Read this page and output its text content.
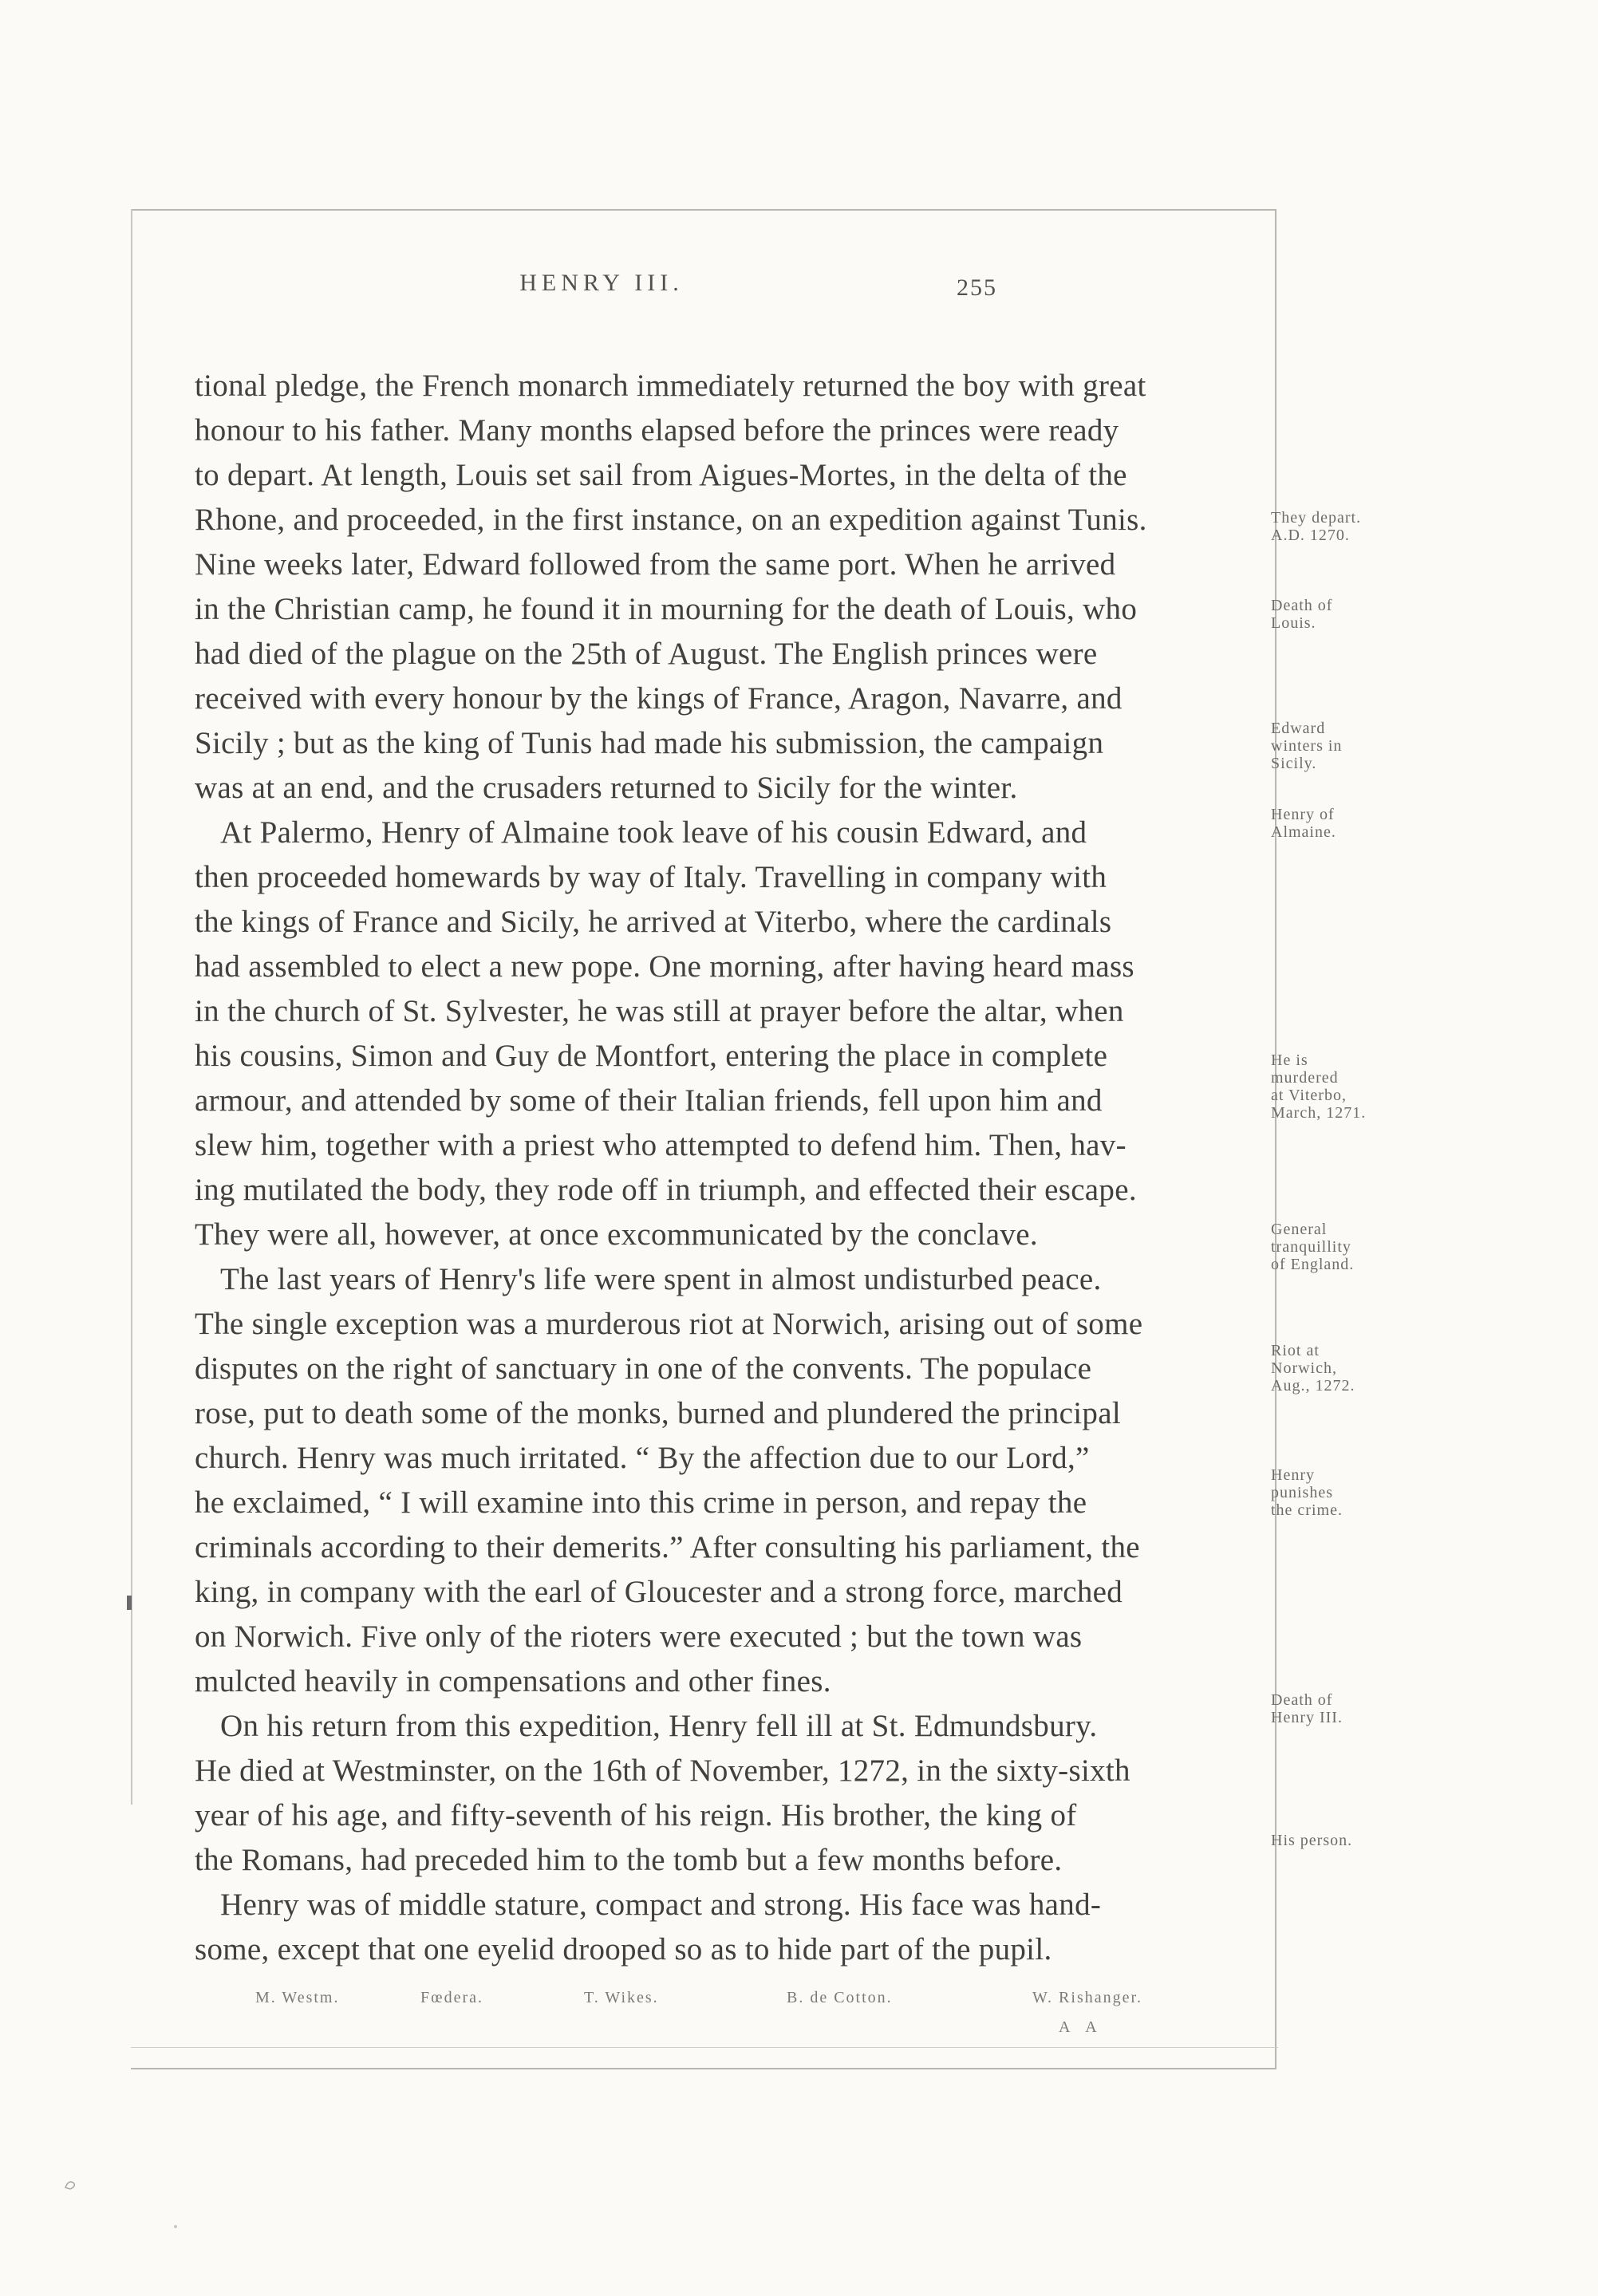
HENRY III.	255
tional pledge, the French monarch immediately returned the boy with great
honour to his father. Many months elapsed before the princes were ready
to depart. At length, Louis set sail from Aigues-Mortes, in the delta of the
Rhone, and proceeded, in the first instance, on an expedition against Tunis.
Nine weeks later, Edward followed from the same port. When he arrived
in the Christian camp, he found it in mourning for the death of Louis, who
had died of the plague on the 25th of August. The English princes were
received with every honour by the kings of France, Aragon, Navarre, and
Sicily ; but as the king of Tunis had made his submission, the campaign
was at an end, and the crusaders returned to Sicily for the winter.
At Palermo, Henry of Almaine took leave of his cousin Edward, and
then proceeded homewards by way of Italy. Travelling in company with
the kings of France and Sicily, he arrived at Viterbo, where the cardinals
had assembled to elect a new pope. One morning, after having heard mass
in the church of St. Sylvester, he was still at prayer before the altar, when
his cousins, Simon and Guy de Montfort, entering the place in complete
armour, and attended by some of their Italian friends, fell upon him and
slew him, together with a priest who attempted to defend him. Then, hav-
ing mutilated the body, they rode off in triumph, and effected their escape.
They were all, however, at once excommunicated by the conclave.
The last years of Henry's life were spent in almost undisturbed peace.
The single exception was a murderous riot at Norwich, arising out of some
disputes on the right of sanctuary in one of the convents. The populace
rose, put to death some of the monks, burned and plundered the principal
church. Henry was much irritated. “ By the affection due to our Lord,”
he exclaimed, “ I will examine into this crime in person, and repay the
criminals according to their demerits.” After consulting his parliament, the
king, in company with the earl of Gloucester and a strong force, marched
on Norwich. Five only of the rioters were executed ; but the town was
mulcted heavily in compensations and other fines.
On his return from this expedition, Henry fell ill at St. Edmundsbury.
He died at Westminster, on the 16th of November, 1272, in the sixty-sixth
year of his age, and fifty-seventh of his reign. His brother, the king of
the Romans, had preceded him to the tomb but a few months before.
Henry was of middle stature, compact and strong. His face was hand-
some, except that one eyelid drooped so as to hide part of the pupil.
They depart.
A.D. 1270.
Death of
Louis.
Edward
winters in
Sicily.
Henry of
Almaine.
He is
murdered
at Viterbo,
March, 1271.
General
tranquillity
of England.
Riot at
Norwich,
Aug., 1272.
Henry
punishes
the crime.
Death of
Henry III.
His person.
M. Westm.	Fœdera.	T. Wikes.	B. de Cotton.	W. Rishanger.
A A
